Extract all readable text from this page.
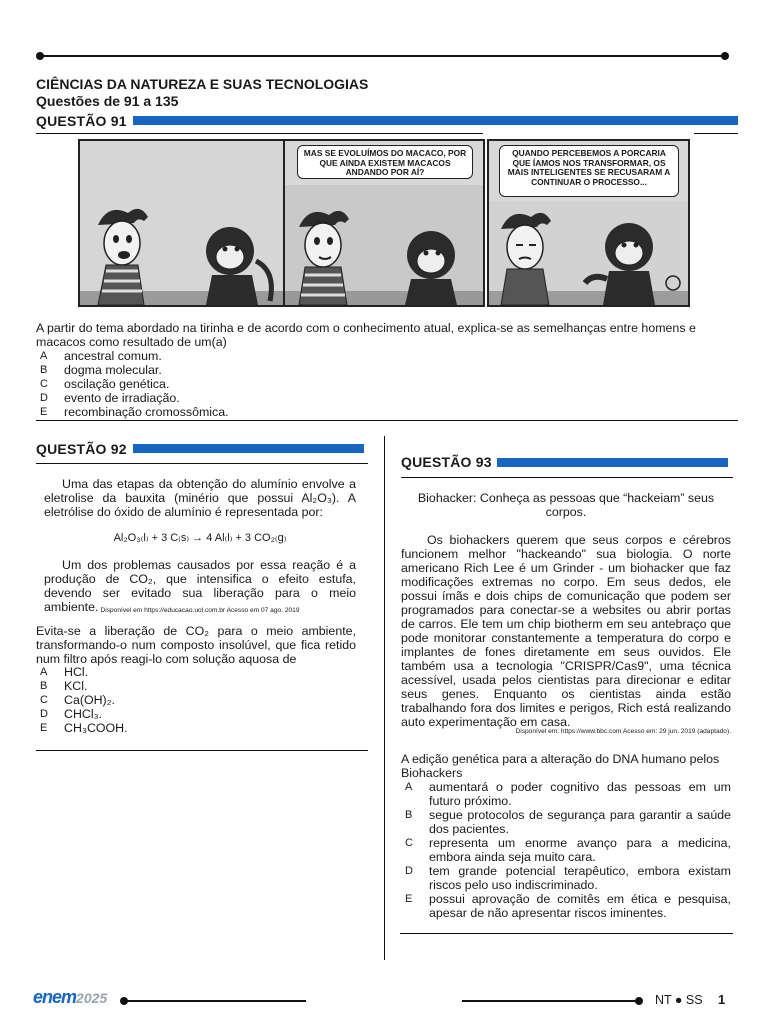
CIÊNCIAS DA NATUREZA E SUAS TECNOLOGIAS
Questões de 91 a 135
QUESTÃO 91
MAS SE EVOLUÍMOS DO MACACO, POR QUE AINDA EXISTEM MACACOS ANDANDO POR AÍ?
QUANDO PERCEBEMOS A PORCARIA QUE ÍAMOS NOS TRANSFORMAR, OS MAIS INTELIGENTES SE RECUSARAM A CONTINUAR O PROCESSO...
A partir do tema abordado na tirinha e de acordo com o conhecimento atual, explica-se as semelhanças entre homens e macacos como resultado de um(a)
A	ancestral comum.
B	dogma molecular.
C	oscilação genética.
D	evento de irradiação.
E	recombinação cromossômica.
QUESTÃO 92
Uma das etapas da obtenção do alumínio envolve a eletrolise da bauxita (minério que possui Al₂O₃). A eletrólise do óxido de alumínio é representada por:
Al₂O₃₍l₎ + 3 C₍s₎ → 4 Al₍l₎ + 3 CO₂₍g₎
Um dos problemas causados por essa reação é a produção de CO₂, que intensifica o efeito estufa, devendo ser evitado sua liberação para o meio ambiente. Disponível em https://educacao.uol.com.br Acesso em 07 ago. 2019
Evita-se a liberação de CO₂ para o meio ambiente, transformando-o num composto insolúvel, que fica retido num filtro após reagi-lo com solução aquosa de
A	HCl.
B	KCl.
C	Ca(OH)₂.
D	CHCl₃.
E	CH₃COOH.
QUESTÃO 93
Biohacker: Conheça as pessoas que “hackeiam” seus corpos.
Os biohackers querem que seus corpos e cérebros funcionem melhor "hackeando" sua biologia. O norte americano Rich Lee é um Grinder - um biohacker que faz modificações extremas no corpo. Em seus dedos, ele possui ímãs e dois chips de comunicação que podem ser programados para conectar-se a websites ou abrir portas de carros. Ele tem um chip biotherm em seu antebraço que pode monitorar constantemente a temperatura do corpo e implantes de fones diretamente em seus ouvidos. Ele também usa a tecnologia "CRISPR/Cas9", uma técnica acessível, usada pelos cientistas para direcionar e editar seus genes. Enquanto os cientistas ainda estão trabalhando fora dos limites e perigos, Rich está realizando auto experimentação em casa.
Disponível em: https://www.bbc.com Acesso em: 29 jun. 2019 (adaptado).
A edição genética para a alteração do DNA humano pelos Biohackers
A	aumentará o poder cognitivo das pessoas em um futuro próximo.
B	segue protocolos de segurança para garantir a saúde dos pacientes.
C	representa um enorme avanço para a medicina, embora ainda seja muito cara.
D	tem grande potencial terapêutico, embora existam riscos pelo uso indiscriminado.
E	possui aprovação de comitês em ética e pesquisa, apesar de não apresentar riscos iminentes.
enem2025	NT ● SS 1
